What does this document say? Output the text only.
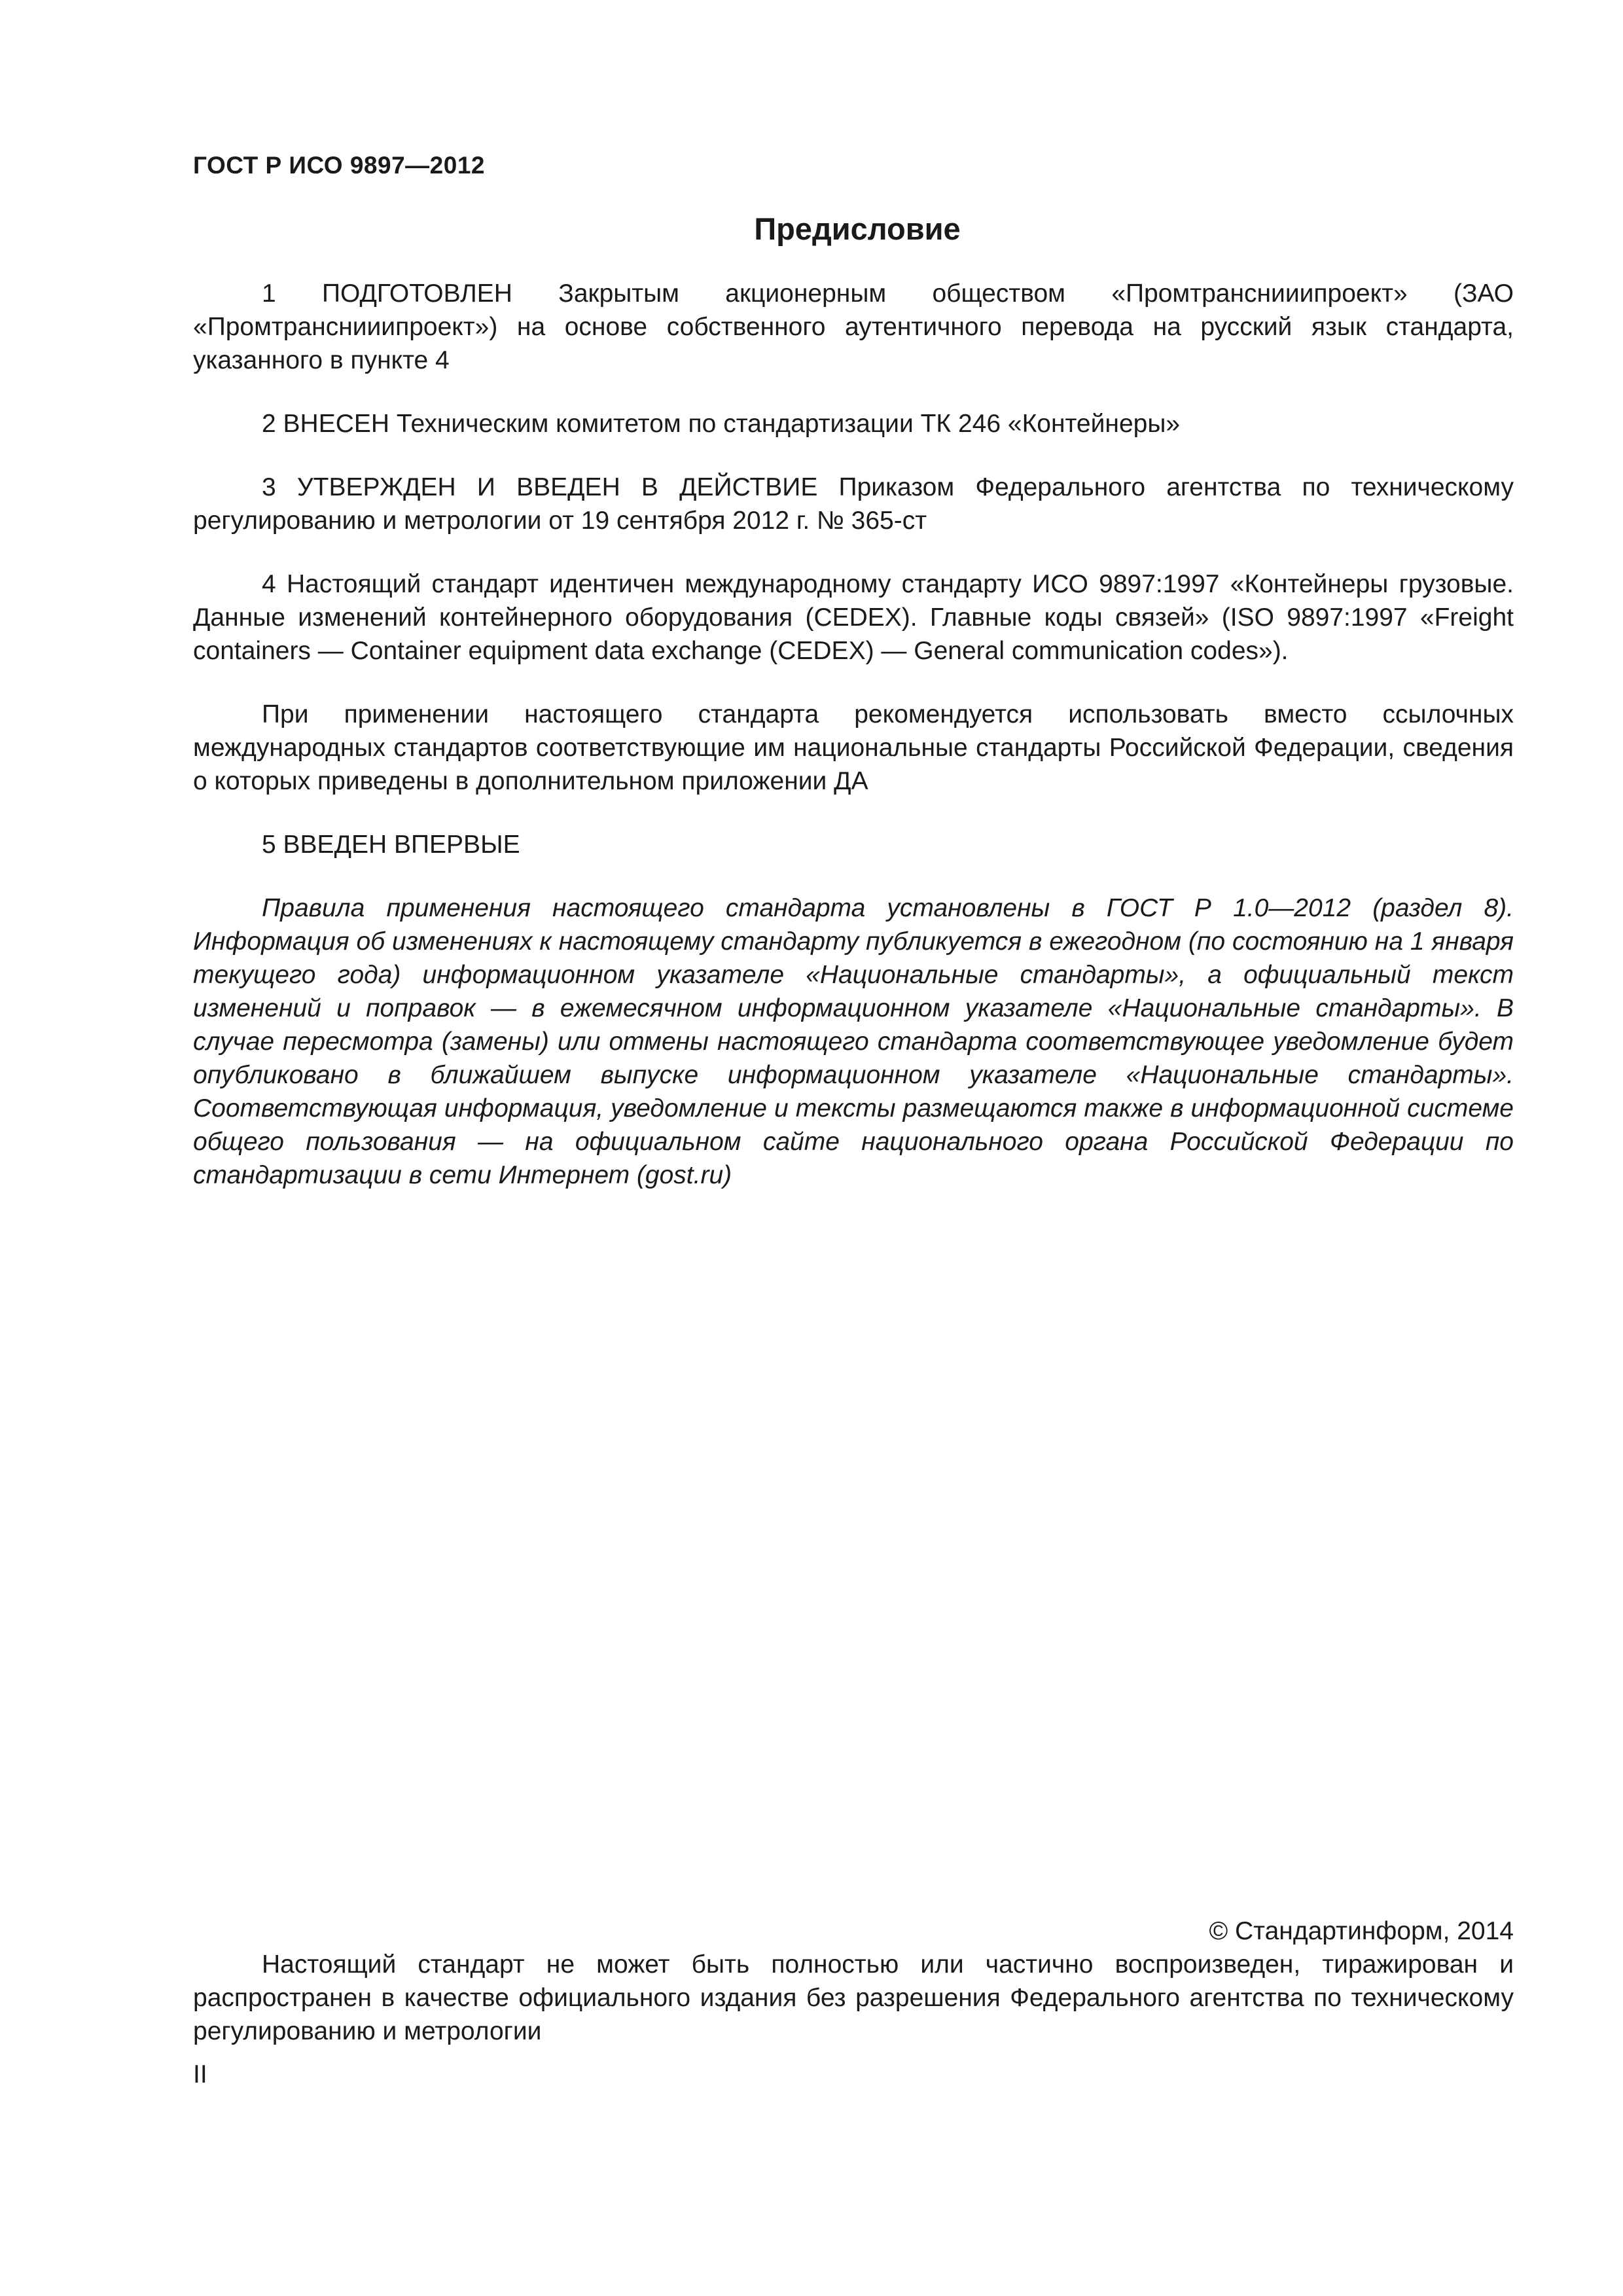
ГОСТ Р ИСО 9897—2012
Предисловие

1 ПОДГОТОВЛЕН Закрытым акционерным обществом «Промтранснииипроект» (ЗАО «Промтранснииипроект») на основе собственного аутентичного перевода на русский язык стандарта, указанного в пункте 4

2 ВНЕСЕН Техническим комитетом по стандартизации ТК 246 «Контейнеры»

3 УТВЕРЖДЕН И ВВЕДЕН В ДЕЙСТВИЕ Приказом Федерального агентства по техническому регулированию и метрологии от 19 сентября 2012 г. № 365-ст

4 Настоящий стандарт идентичен международному стандарту ИСО 9897:1997 «Контейнеры грузовые. Данные изменений контейнерного оборудования (CEDEX). Главные коды связей» (ISO 9897:1997 «Freight containers — Container equipment data exchange (CEDEX) — General communication codes»).

При применении настоящего стандарта рекомендуется использовать вместо ссылочных международных стандартов соответствующие им национальные стандарты Российской Федерации, сведения о которых приведены в дополнительном приложении ДА

5 ВВЕДЕН ВПЕРВЫЕ

Правила применения настоящего стандарта установлены в ГОСТ Р 1.0—2012 (раздел 8). Информация об изменениях к настоящему стандарту публикуется в ежегодном (по состоянию на 1 января текущего года) информационном указателе «Национальные стандарты», а официальный текст изменений и поправок — в ежемесячном информационном указателе «Национальные стандарты». В случае пересмотра (замены) или отмены настоящего стандарта соответствующее уведомление будет опубликовано в ближайшем выпуске информационном указателе «Национальные стандарты». Соответствующая информация, уведомление и тексты размещаются также в информационной системе общего пользования — на официальном сайте национального органа Российской Федерации по стандартизации в сети Интернет (gost.ru)

© Стандартинформ, 2014

Настоящий стандарт не может быть полностью или частично воспроизведен, тиражирован и распространен в качестве официального издания без разрешения Федерального агентства по техническому регулированию и метрологии

II
